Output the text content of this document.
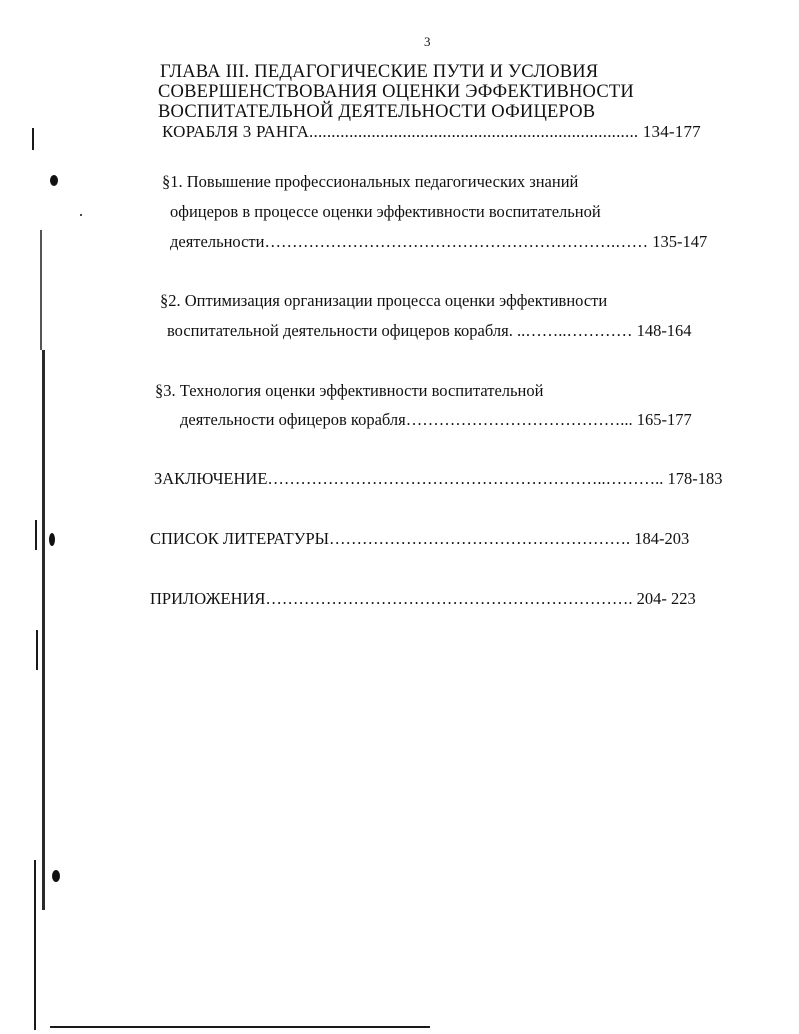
3
ГЛАВА III. ПЕДАГОГИЧЕСКИЕ ПУТИ И УСЛОВИЯ
СОВЕРШЕНСТВОВАНИЯ ОЦЕНКИ ЭФФЕКТИВНОСТИ
ВОСПИТАТЕЛЬНОЙ ДЕЯТЕЛЬНОСТИ ОФИЦЕРОВ
КОРАБЛЯ 3 РАНГА.......................................................................... 134-177
§1. Повышение профессиональных педагогических знаний
офицеров в процессе оценки эффективности воспитательной
деятельности……………………………………………………….…… 135-147
§2. Оптимизация организации процесса оценки эффективности
воспитательной деятельности офицеров корабля. ..……..………… 148-164
§3. Технология оценки эффективности воспитательной
деятельности офицеров корабля…………………………………... 165-177
ЗАКЛЮЧЕНИЕ……………………………………………………..……….. 178-183
СПИСОК ЛИТЕРАТУРЫ………………………………………………. 184-203
ПРИЛОЖЕНИЯ…………………………………………………………. 204- 223
